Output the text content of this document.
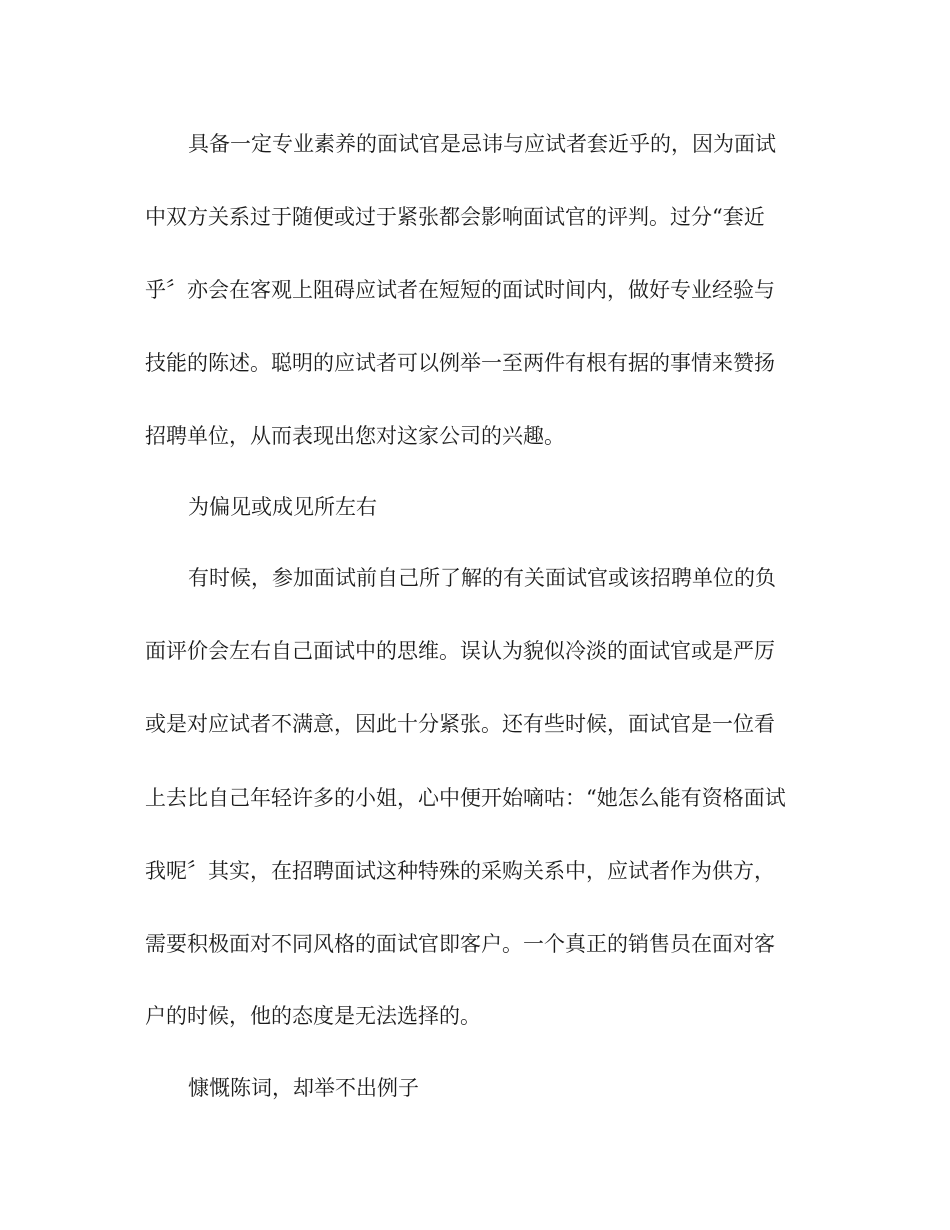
具备一定专业素养的面试官是忌讳与应试者套近乎的，因为面试

中双方关系过于随便或过于紧张都会影响面试官的评判。过分“套近

乎〞亦会在客观上阻碍应试者在短短的面试时间内，做好专业经验与

技能的陈述。聪明的应试者可以例举一至两件有根有据的事情来赞扬

招聘单位，从而表现出您对这家公司的兴趣。

为偏见或成见所左右

有时候，参加面试前自己所了解的有关面试官或该招聘单位的负

面评价会左右自己面试中的思维。误认为貌似冷淡的面试官或是严厉

或是对应试者不满意，因此十分紧张。还有些时候，面试官是一位看

上去比自己年轻许多的小姐，心中便开始嘀咕：“她怎么能有资格面试

我呢〞其实，在招聘面试这种特殊的采购关系中，应试者作为供方，

需要积极面对不同风格的面试官即客户。一个真正的销售员在面对客

户的时候，他的态度是无法选择的。

慷慨陈词，却举不出例子
